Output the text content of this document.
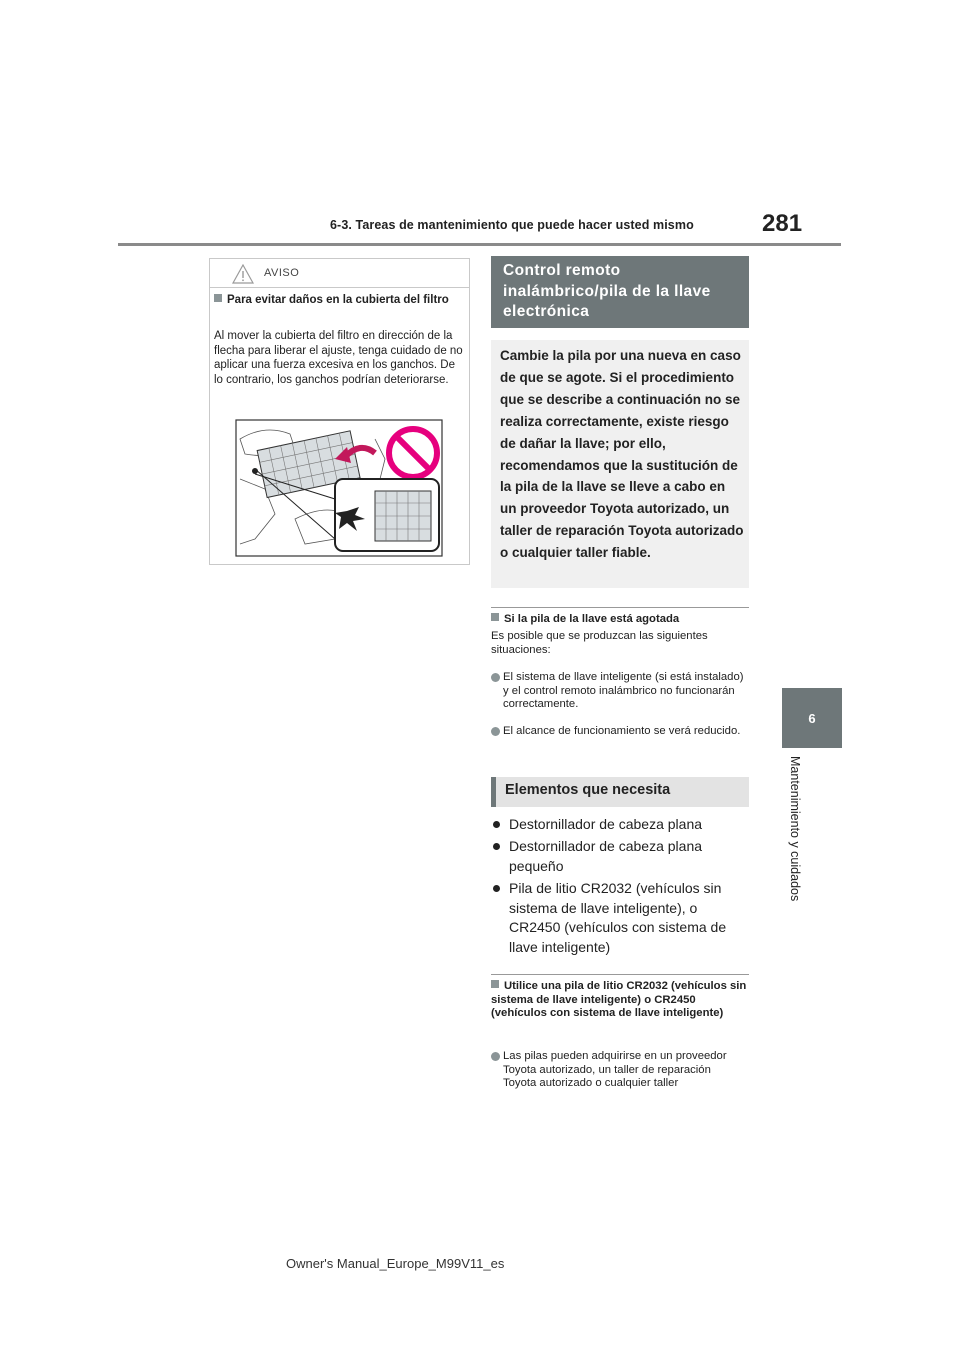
6-3. Tareas de mantenimiento que puede hacer usted mismo	281
6
Mantenimiento y cuidados
AVISO
Para evitar daños en la cubierta del filtro
Al mover la cubierta del filtro en dirección de la flecha para liberar el ajuste, tenga cuidado de no aplicar una fuerza excesiva en los ganchos. De lo contrario, los ganchos podrían deteriorarse.
Control remoto inalámbrico/pila de la llave electrónica
Cambie la pila por una nueva en caso de que se agote. Si el procedimiento que se describe a continuación no se realiza correctamente, existe riesgo de dañar la llave; por ello, recomendamos que la sustitución de la pila de la llave se lleve a cabo en un proveedor Toyota autorizado, un taller de reparación Toyota autorizado o cualquier taller fiable.
Si la pila de la llave está agotada
Es posible que se produzcan las siguientes situaciones:
El sistema de llave inteligente (si está instalado) y el control remoto inalámbrico no funcionarán correctamente.
El alcance de funcionamiento se verá reducido.
Elementos que necesita
Destornillador de cabeza plana
Destornillador de cabeza plana pequeño
Pila de litio CR2032 (vehículos sin sistema de llave inteligente), o CR2450 (vehículos con sistema de llave inteligente)
Utilice una pila de litio CR2032 (vehículos sin sistema de llave inteligente) o CR2450 (vehículos con sistema de llave inteligente)
Las pilas pueden adquirirse en un proveedor Toyota autorizado, un taller de reparación Toyota autorizado o cualquier taller
Owner's Manual_Europe_M99V11_es
